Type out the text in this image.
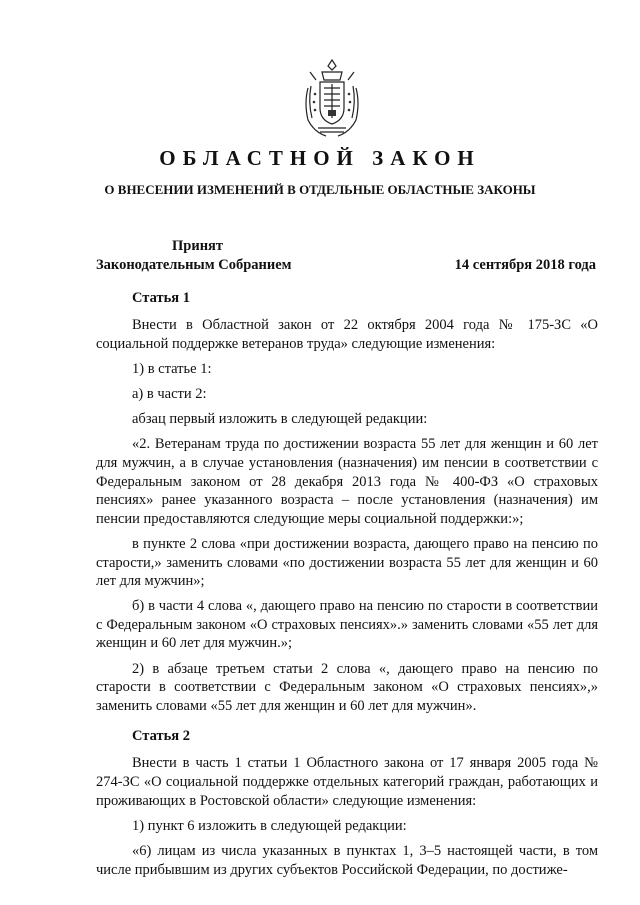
ОБЛАСТНОЙ ЗАКОН
О ВНЕСЕНИИ ИЗМЕНЕНИЙ В ОТДЕЛЬНЫЕ ОБЛАСТНЫЕ ЗАКОНЫ
Принят
Законодательным Собранием	14 сентября 2018 года
Статья 1

Внести в Областной закон от 22 октября 2004 года № 175-ЗС «О социальной поддержке ветеранов труда» следующие изменения:

1) в статье 1:

а) в части 2:

абзац первый изложить в следующей редакции:

«2. Ветеранам труда по достижении возраста 55 лет для женщин и 60 лет для мужчин, а в случае установления (назначения) им пенсии в соответствии с Федеральным законом от 28 декабря 2013 года № 400-ФЗ «О страховых пенсиях» ранее указанного возраста – после установления (назначения) им пенсии предоставляются следующие меры социальной поддержки:»;

в пункте 2 слова «при достижении возраста, дающего право на пенсию по старости,» заменить словами «по достижении возраста 55 лет для женщин и 60 лет для мужчин»;

б) в части 4 слова «, дающего право на пенсию по старости в соответствии с Федеральным законом «О страховых пенсиях».» заменить словами «55 лет для женщин и 60 лет для мужчин.»;

2) в абзаце третьем статьи 2 слова «, дающего право на пенсию по старости в соответствии с Федеральным законом «О страховых пенсиях»,» заменить словами «55 лет для женщин и 60 лет для мужчин».

Статья 2

Внести в часть 1 статьи 1 Областного закона от 17 января 2005 года № 274-ЗС «О социальной поддержке отдельных категорий граждан, работающих и проживающих в Ростовской области» следующие изменения:

1) пункт 6 изложить в следующей редакции:

«6) лицам из числа указанных в пунктах 1, 3–5 настоящей части, в том числе прибывшим из других субъектов Российской Федерации, по достиже-
